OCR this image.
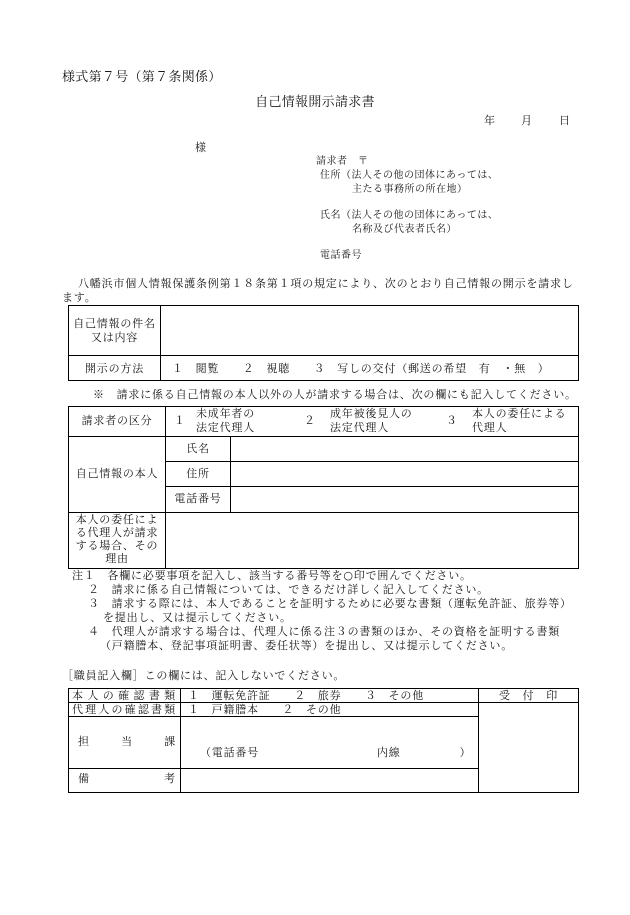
様式第７号（第７条関係）
自己情報開示請求書
年 月 日
様
請求者 〒
住所（法人その他の団体にあっては、
主たる事務所の所在地）
氏名（法人その他の団体にあっては、
名称及び代表者氏名）
電話番号
八幡浜市個人情報保護条例第１８条第１項の規定により、次のとおり自己情報の開示を請求し
ます。
自己情報の件名
又は内容
開示の方法	１　閲覧　　２　視聴　　３　写しの交付（郵送の希望　有　・無　）
※　請求に係る自己情報の本人以外の人が請求する場合は、次の欄にも記入してください。
請求者の区分	１
未成年者の
法定代理人
２
成年被後見人の
法定代理人
３
本人の委任による
代理人
自己情報の本人
氏名
住所
電話番号
本人の委任によ
る代理人が請求
する場合、その
理由
注１　各欄に必要事項を記入し、該当する番号等を○印で囲んでください。
２　請求に係る自己情報については、できるだけ詳しく記入してください。
３　請求する際には、本人であることを証明するために必要な書類（運転免許証、旅券等）
を提出し、又は提示してください。
４　代理人が請求する場合は、代理人に係る注３の書類のほか、その資格を証明する書類
（戸籍謄本、登記事項証明書、委任状等）を提出し、又は提示してください。
［職員記入欄］この欄には、記入しないでください。
本人の確認書類 １　運転免許証　　２　旅券　　３　その他
代理人の確認書類 １　戸籍謄本　　２　その他
担　　当　　課
（電話番号　　　　　　　　　　内線　　　　　）
備　　　　考
受　付　印
